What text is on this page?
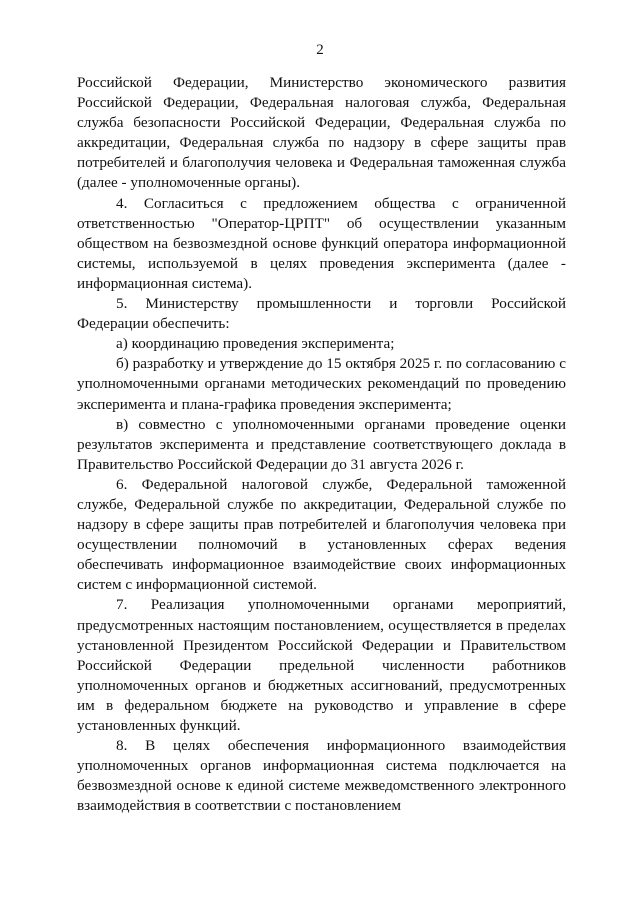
2

Российской Федерации, Министерство экономического развития Российской Федерации, Федеральная налоговая служба, Федеральная служба безопасности Российской Федерации, Федеральная служба по аккредитации, Федеральная служба по надзору в сфере защиты прав потребителей и благополучия человека и Федеральная таможенная служба (далее - уполномоченные органы).

4. Согласиться с предложением общества с ограниченной ответственностью "Оператор-ЦРПТ" об осуществлении указанным обществом на безвозмездной основе функций оператора информационной системы, используемой в целях проведения эксперимента (далее - информационная система).

5. Министерству промышленности и торговли Российской Федерации обеспечить:

а) координацию проведения эксперимента;

б) разработку и утверждение до 15 октября 2025 г. по согласованию с уполномоченными органами методических рекомендаций по проведению эксперимента и плана-графика проведения эксперимента;

в) совместно с уполномоченными органами проведение оценки результатов эксперимента и представление соответствующего доклада в Правительство Российской Федерации до 31 августа 2026 г.

6. Федеральной налоговой службе, Федеральной таможенной службе, Федеральной службе по аккредитации, Федеральной службе по надзору в сфере защиты прав потребителей и благополучия человека при осуществлении полномочий в установленных сферах ведения обеспечивать информационное взаимодействие своих информационных систем с информационной системой.

7. Реализация уполномоченными органами мероприятий, предусмотренных настоящим постановлением, осуществляется в пределах установленной Президентом Российской Федерации и Правительством Российской Федерации предельной численности работников уполномоченных органов и бюджетных ассигнований, предусмотренных им в федеральном бюджете на руководство и управление в сфере установленных функций.

8. В целях обеспечения информационного взаимодействия уполномоченных органов информационная система подключается на безвозмездной основе к единой системе межведомственного электронного взаимодействия в соответствии с постановлением
